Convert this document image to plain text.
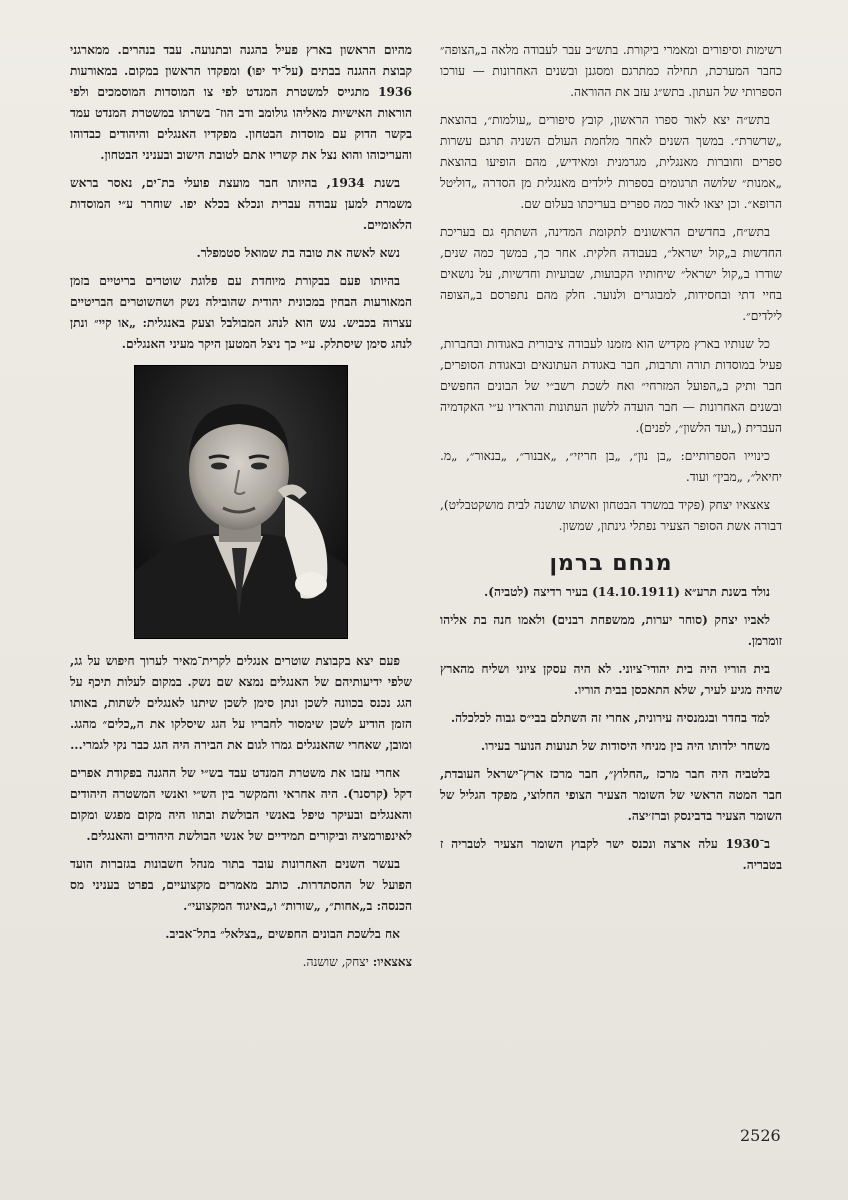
רשימות וסיפורים ומאמרי ביקורת. בתש״ב עבר לעבודה מלאה ב„הצופה״ כחבר המערכת, תחילה כמתרגם ומסגנן ובשנים האחרונות — עורכו הספרותי של העתון. בתש״ג עזב את ההוראה.

בתש״ה יצא לאור ספרו הראשון, קובץ סיפורים „עולמות״, בהוצאת „שרשרת״. במשך השנים לאחר מלחמת העולם השניה תרגם עשרות ספרים וחוברות מאנגלית, מגרמנית ומאידיש, מהם הופיעו בהוצאת „אמנות״ שלושה תרגומים בספרות לילדים מאנגלית מן הסדרה „דוליטל הרופא״. וכן יצאו לאור כמה ספרים בעריכתו בעלום שם.

בתש״ח, בחדשים הראשונים לתקומת המדינה, השתתף גם בעריכת החדשות ב„קול ישראל״, בעבודה חלקית. אחר כך, במשך כמה שנים, שודרו ב„קול ישראל״ שיחותיו הקבועות, שבועיות וחדשיות, על נושאים בחיי דתי ובחסידות, למבוגרים ולנוער. חלק מהם נתפרסם ב„הצופה לילדים״.

כל שנותיו בארץ מקדיש הוא מזמנו לעבודה ציבורית באגודות ובחברות, פעיל במוסדות תורה ותרבות, חבר באגודת העתונאים ובאגודת הסופרים, חבר ותיק ב„הפועל המזרחי״ ואח לשכת רשב״י של הבונים החפשים ובשנים האחרונות — חבר הועדה ללשון העתונות והראדיו ע״י האקדמיה העברית („ועד הלשון״, לפנים).

כינוייו הספרותיים: „בן נון״, „בן חריזי״, „אבנור״, „בנאור״, „מ. יחיאל״, „מבין״ ועוד.

צאצאיו יצחק (פקיד במשרד הבטחון ואשתו שושנה לבית מושקטבליט), דבורה אשת הסופר הצעיר נפתלי גינתון, שמשון.

מנחם ברמן

נולד בשנת תרע״א (14.10.1911) בעיר רדיצה (לטביה).

לאביו יצחק (סוחר יערות, ממשפחת רבנים) ולאמו חנה בת אליהו זומרמן.

בית הוריו היה בית יהודי־ציוני. לא היה עסקן ציוני ושליח מהארץ שהיה מגיע לעיר, שלא התאכסן בבית הוריו.

למד בחדר ובגמנסיה עירונית, אחרי זה השתלם בבי״ס גבוה לכלכלה.

משחר ילדותו היה בין מניחי היסודות של תנועות הנוער בעירו.

בלטביה היה חבר מרכז „החלוץ״, חבר מרכז ארץ־ישראל העובדת, חבר המטה הראשי של השומר הצעיר הצופי החלוצי, מפקד הגליל של השומר הצעיר בדבינסק וברז׳יצה.

ב־1930 עלה ארצה ונכנס ישר לקבוץ השומר הצעיר לטבריה ז בטבריה.

מהיום הראשון בארץ פעיל בהגנה ובתנועה. עבד בנהרים. ממארגני קבוצת ההגנה בבתים (על־יד יפו) ומפקדו הראשון במקום. במאורעות 1936 מתגייס למשטרת המנדט לפי צו המוסדות המוסמכים ולפי הוראות האישיות מאליהו גולומב ודב הוז־ בשרתו במשטרת המנדט עמד בקשר הדוק עם מוסדות הבטחון. מפקדיו האנגלים והיהודים כבדוהו והעריכוהו והוא נצל את קשריו אתם לטובת הישוב ובעניני הבטחון.

בשנת 1934, בהיותו חבר מועצת פועלי בת־ים, נאסר בראש משמרת למען עבודה עברית ונכלא בכלא יפו. שוחרר ע״י המוסדות הלאומיים.

נשא לאשה את טובה בת שמואל סטמפלר.

בהיותו פעם בבקורת מיוחדת עם פלוגת שוטרים בריטיים בזמן המאורעות הבחין במכונית יהודית שהובילה נשק ושהשוטרים הבריטיים עצרוה בכביש. נגש הוא לנהג המבולבל וצעק באנגלית: „או קיי״ ונתן לנהג סימן שיסתלק. ע״י כך ניצל המטען היקר מעיני האנגלים.

פעם יצא בקבוצת שוטרים אנגלים לקרית־מאיר לערוך חיפוש על גג, שלפי ידיעותיהם של האנגלים נמצא שם נשק. במקום לעלות תיכף על הגג נכנס בכוונה לשכן ונתן סימן לשכן שיתנו לאנגלים לשתות, באותו הזמן הודיע לשכן שימסור לחבריו על הגג שיסלקו את ה„כלים״ מהגג. ומובן, שאחרי שהאנגלים גמרו לגום את הבירה היה הגג כבר נקי לגמרי...

אחרי עזבו את משטרת המנדט עבד בש״י של ההגנה בפקודת אפרים דקל (קרסנר). היה אחראי והמקשר בין הש״י ואנשי המשטרה היהודים והאנגלים ובעיקר טיפל באנשי הבולשת ובתוו היה מקום מפגש ומקום לאינפורמציה וביקורים תמידיים של אנשי הבולשת היהודים והאנגלים.

בעשר השנים האחרונות עובד בתור מנהל חשבונות בגזברות הועד הפועל של ההסתדרות. כותב מאמרים מקצועיים, בפרט בעניני מס הכנסה: ב„אחות״, „שורות״ ו„באיגוד המקצועי״.

אח בלשכת הבונים החפשים „בצלאל״ בתל־אביב.

צאצאיו: יצחק, שושנה.

2526
